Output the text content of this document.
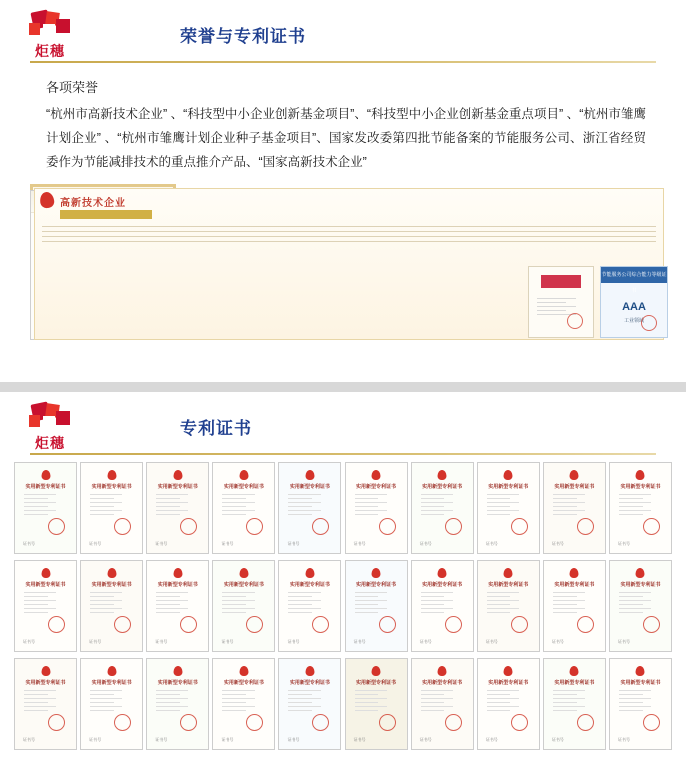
炬穗
荣誉与专利证书

各项荣誉

“杭州市高新技术企业” 、“科技型中小企业创新基金项目”、“科技型中小企业创新基金重点项目” 、“杭州市雏鹰计划企业” 、“杭州市雏鹰计划企业种子基金项目”、国家发改委第四批节能备案的节能服务公司、浙江省经贸委作为节能减排技术的重点推介产品、“国家高新技术企业”

高新技术企业
节能服务公司综合能力等级证书
AAA
工业领域
炬穗
专利证书
实用新型专利证书
证书号
实用新型专利证书
证书号
实用新型专利证书
证书号
实用新型专利证书
证书号
实用新型专利证书
证书号
实用新型专利证书
证书号
实用新型专利证书
证书号
实用新型专利证书
证书号
实用新型专利证书
证书号
实用新型专利证书
证书号
实用新型专利证书
证书号
实用新型专利证书
证书号
实用新型专利证书
证书号
实用新型专利证书
证书号
实用新型专利证书
证书号
实用新型专利证书
证书号
实用新型专利证书
证书号
实用新型专利证书
证书号
实用新型专利证书
证书号
实用新型专利证书
证书号
实用新型专利证书
证书号
实用新型专利证书
证书号
实用新型专利证书
证书号
实用新型专利证书
证书号
实用新型专利证书
证书号
实用新型专利证书
证书号
实用新型专利证书
证书号
实用新型专利证书
证书号
实用新型专利证书
证书号
实用新型专利证书
证书号
